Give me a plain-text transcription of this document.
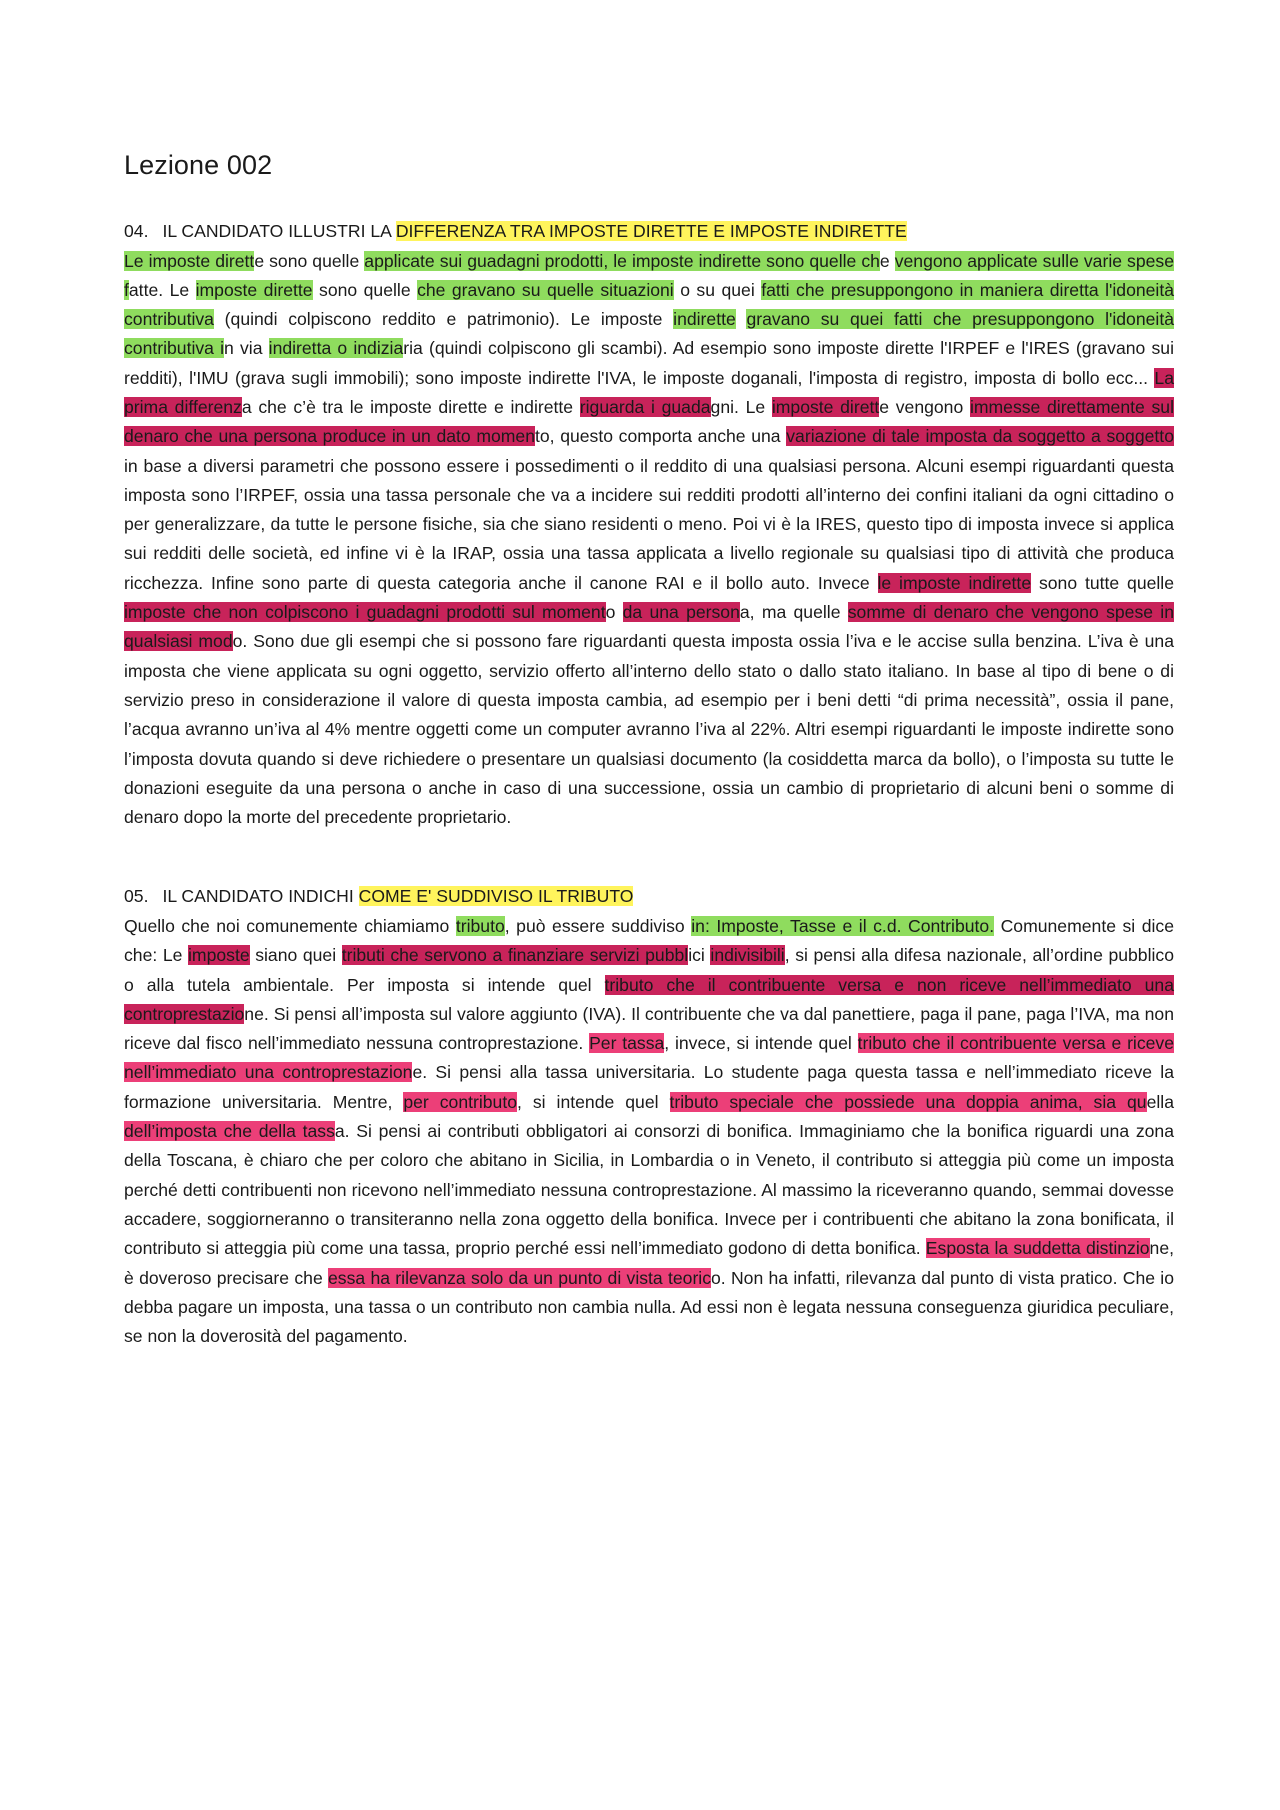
Lezione 002

04. IL CANDIDATO ILLUSTRI LA DIFFERENZA TRA IMPOSTE DIRETTE E IMPOSTE INDIRETTE

Le imposte dirette sono quelle applicate sui guadagni prodotti, le imposte indirette sono quelle che vengono applicate sulle varie spese fatte. Le imposte dirette sono quelle che gravano su quelle situazioni o su quei fatti che presuppongono in maniera diretta l'idoneità contributiva (quindi colpiscono reddito e patrimonio). Le imposte indirette gravano su quei fatti che presuppongono l'idoneità contributiva in via indiretta o indiziaria (quindi colpiscono gli scambi). Ad esempio sono imposte dirette l'IRPEF e l'IRES (gravano sui redditi), l'IMU (grava sugli immobili); sono imposte indirette l'IVA, le imposte doganali, l'imposta di registro, imposta di bollo ecc... La prima differenza che c’è tra le imposte dirette e indirette riguarda i guadagni. Le imposte dirette vengono immesse direttamente sul denaro che una persona produce in un dato momento, questo comporta anche una variazione di tale imposta da soggetto a soggetto in base a diversi parametri che possono essere i possedimenti o il reddito di una qualsiasi persona. Alcuni esempi riguardanti questa imposta sono l’IRPEF, ossia una tassa personale che va a incidere sui redditi prodotti all’interno dei confini italiani da ogni cittadino o per generalizzare, da tutte le persone fisiche, sia che siano residenti o meno. Poi vi è la IRES, questo tipo di imposta invece si applica sui redditi delle società, ed infine vi è la IRAP, ossia una tassa applicata a livello regionale su qualsiasi tipo di attività che produca ricchezza. Infine sono parte di questa categoria anche il canone RAI e il bollo auto. Invece le imposte indirette sono tutte quelle imposte che non colpiscono i guadagni prodotti sul momento da una persona, ma quelle somme di denaro che vengono spese in qualsiasi modo. Sono due gli esempi che si possono fare riguardanti questa imposta ossia l’iva e le accise sulla benzina. L’iva è una imposta che viene applicata su ogni oggetto, servizio offerto all’interno dello stato o dallo stato italiano. In base al tipo di bene o di servizio preso in considerazione il valore di questa imposta cambia, ad esempio per i beni detti “di prima necessità”, ossia il pane, l’acqua avranno un’iva al 4% mentre oggetti come un computer avranno l’iva al 22%. Altri esempi riguardanti le imposte indirette sono l’imposta dovuta quando si deve richiedere o presentare un qualsiasi documento (la cosiddetta marca da bollo), o l’imposta su tutte le donazioni eseguite da una persona o anche in caso di una successione, ossia un cambio di proprietario di alcuni beni o somme di denaro dopo la morte del precedente proprietario.

05. IL CANDIDATO INDICHI COME E' SUDDIVISO IL TRIBUTO

Quello che noi comunemente chiamiamo tributo, può essere suddiviso in: Imposte, Tasse e il c.d. Contributo. Comunemente si dice che: Le imposte siano quei tributi che servono a finanziare servizi pubblici indivisibili, si pensi alla difesa nazionale, all’ordine pubblico o alla tutela ambientale. Per imposta si intende quel tributo che il contribuente versa e non riceve nell’immediato una controprestazione. Si pensi all’imposta sul valore aggiunto (IVA). Il contribuente che va dal panettiere, paga il pane, paga l’IVA, ma non riceve dal fisco nell’immediato nessuna controprestazione. Per tassa, invece, si intende quel tributo che il contribuente versa e riceve nell’immediato una controprestazione. Si pensi alla tassa universitaria. Lo studente paga questa tassa e nell’immediato riceve la formazione universitaria. Mentre, per contributo, si intende quel tributo speciale che possiede una doppia anima, sia quella dell’imposta che della tassa. Si pensi ai contributi obbligatori ai consorzi di bonifica. Immaginiamo che la bonifica riguardi una zona della Toscana, è chiaro che per coloro che abitano in Sicilia, in Lombardia o in Veneto, il contributo si atteggia più come un imposta perché detti contribuenti non ricevono nell’immediato nessuna controprestazione. Al massimo la riceveranno quando, semmai dovesse accadere, soggiorneranno o transiteranno nella zona oggetto della bonifica. Invece per i contribuenti che abitano la zona bonificata, il contributo si atteggia più come una tassa, proprio perché essi nell’immediato godono di detta bonifica. Esposta la suddetta distinzione, è doveroso precisare che essa ha rilevanza solo da un punto di vista teorico. Non ha infatti, rilevanza dal punto di vista pratico. Che io debba pagare un imposta, una tassa o un contributo non cambia nulla. Ad essi non è legata nessuna conseguenza giuridica peculiare, se non la doverosità del pagamento.
